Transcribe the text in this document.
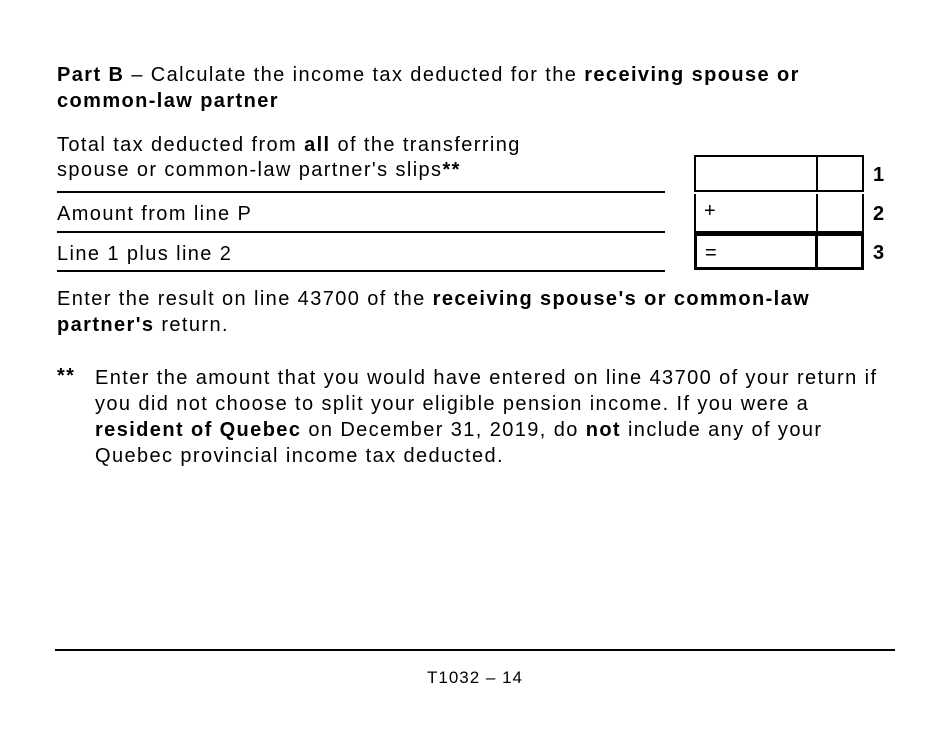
Part B – Calculate the income tax deducted for the receiving spouse or common-law partner
Total tax deducted from all of the transferring spouse or common-law partner's slips**
Amount from line P
Line 1 plus line 2
+
=
1
2
3
Enter the result on line 43700 of the receiving spouse's or common-law partner's return.
** Enter the amount that you would have entered on line 43700 of your return if you did not choose to split your eligible pension income. If you were a resident of Quebec on December 31, 2019, do not include any of your Quebec provincial income tax deducted.
T1032 – 14
